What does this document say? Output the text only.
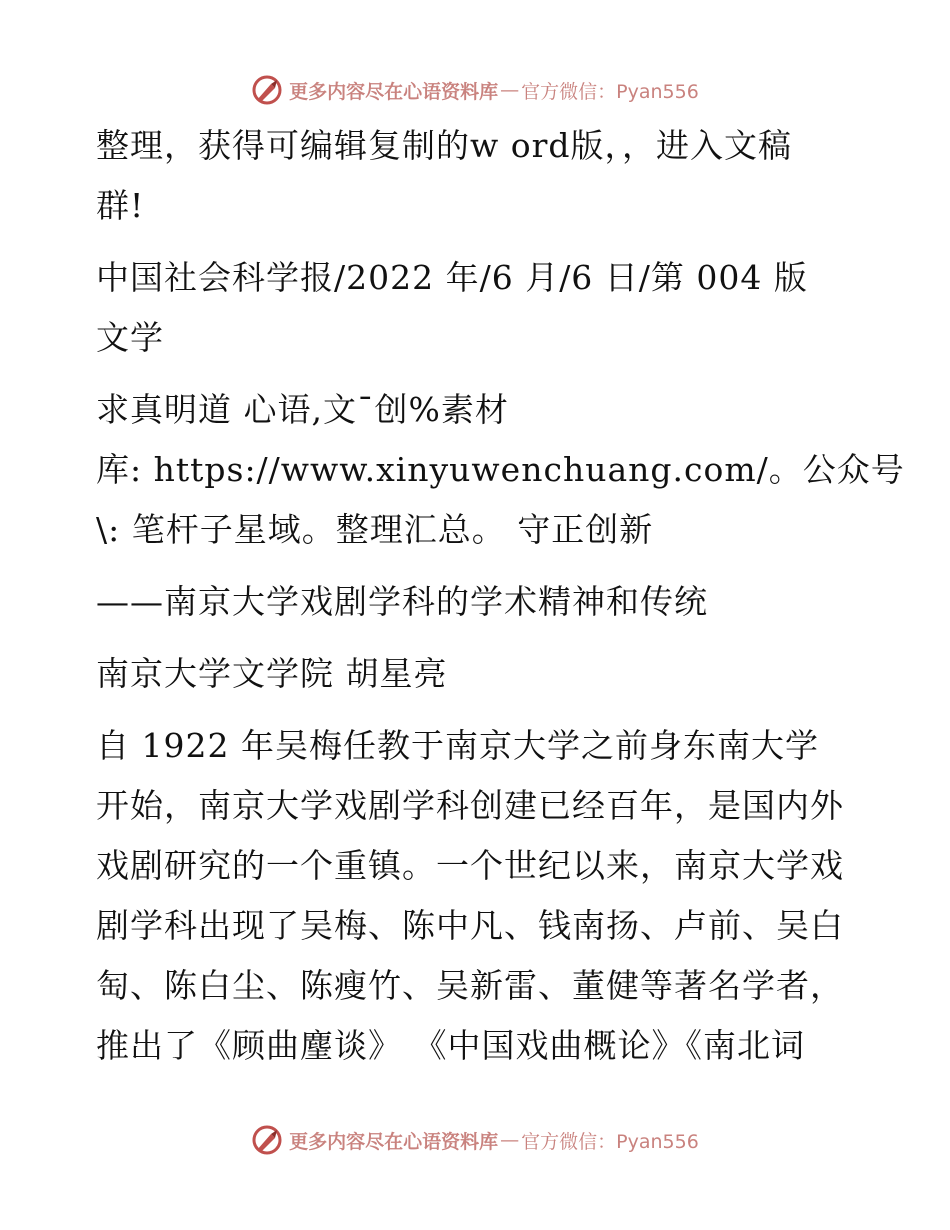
更多内容尽在心语资料库 — 官方微信：Pyan556

整理，获得可编辑复制的w ord版，，进入文稿
群!

中国社会科学报/2022 年/6 月/6 日/第 004 版
文学

求真明道 心语,文¯创%素材
库: https://www.xinyuwenchuang.com/。公众号
\: 笔杆子星域。整理汇总。 守正创新

——南京大学戏剧学科的学术精神和传统

南京大学文学院 胡星亮

自 1922 年吴梅任教于南京大学之前身东南大学
开始，南京大学戏剧学科创建已经百年，是国内外
戏剧研究的一个重镇。一个世纪以来，南京大学戏
剧学科出现了吴梅、陈中凡、钱南扬、卢前、吴白
匋、陈白尘、陈瘦竹、吴新雷、董健等著名学者，
推出了《顾曲麈谈》 《中国戏曲概论》《南北词

更多内容尽在心语资料库 — 官方微信：Pyan556
